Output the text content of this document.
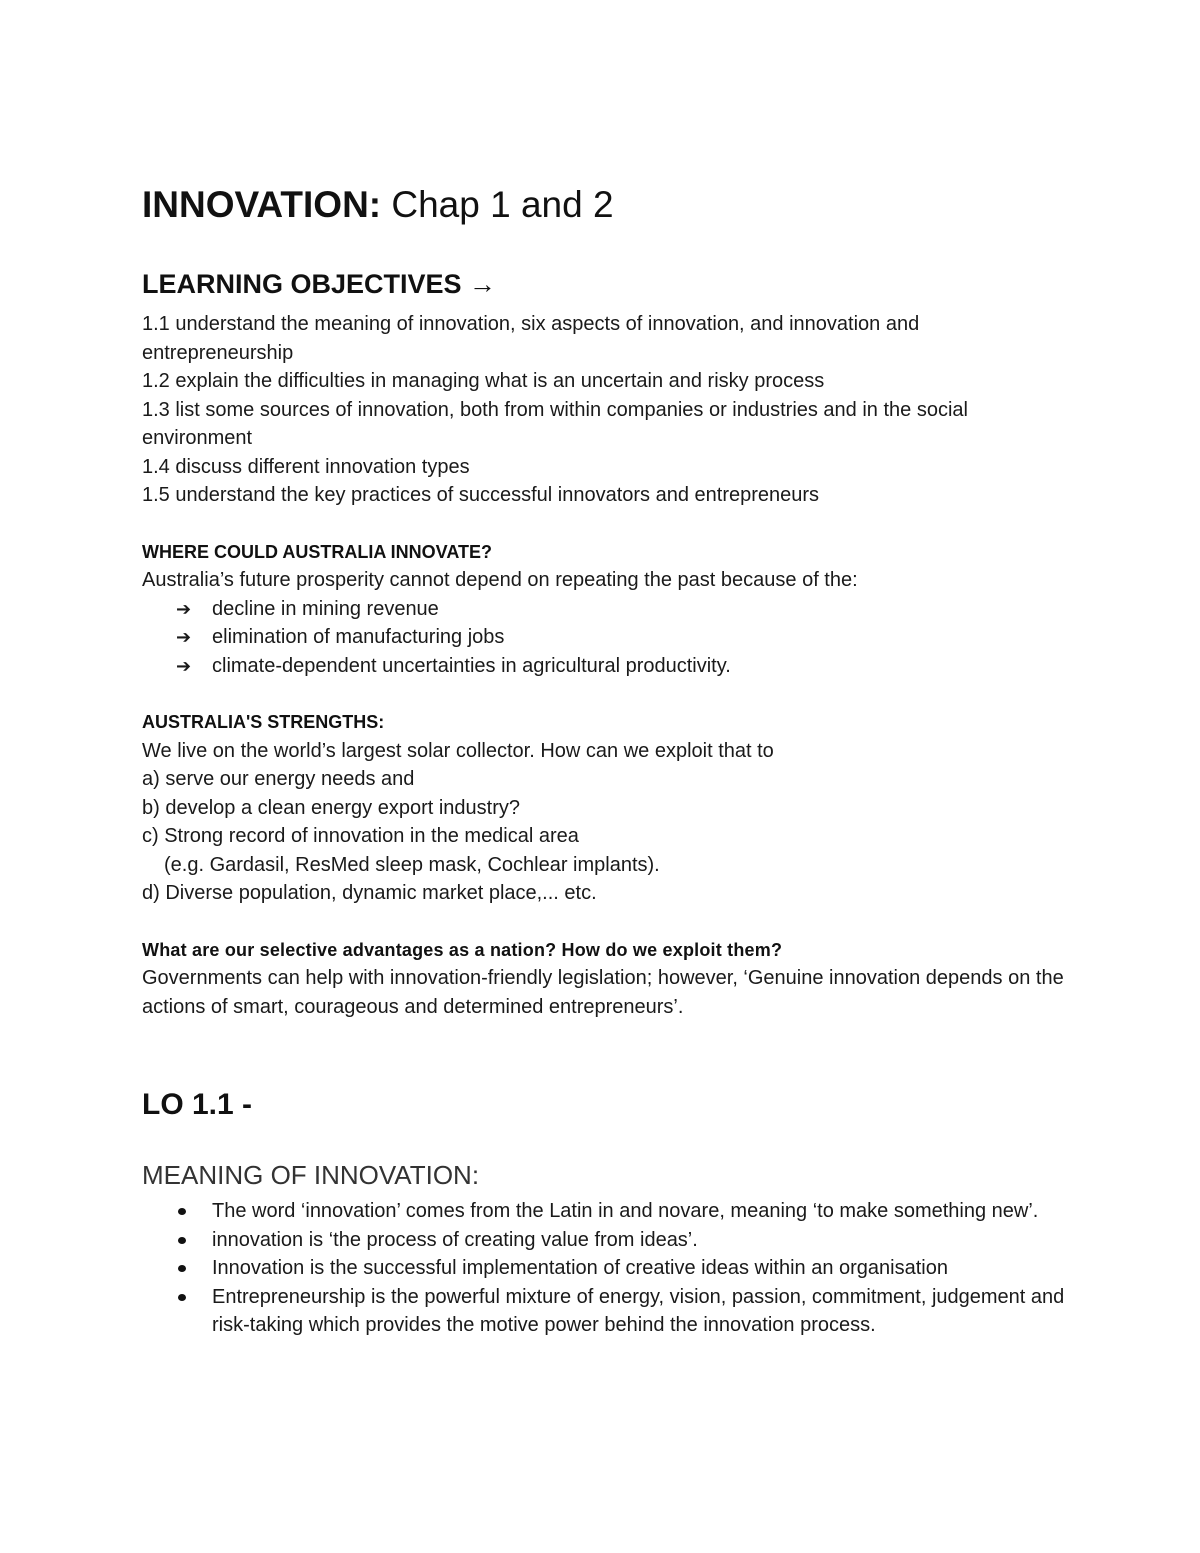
INNOVATION: Chap 1 and 2
LEARNING OBJECTIVES →

1.1 understand the meaning of innovation, six aspects of innovation, and innovation and entrepreneurship

1.2 explain the difficulties in managing what is an uncertain and risky process

1.3 list some sources of innovation, both from within companies or industries and in the social environment

1.4 discuss different innovation types

1.5 understand the key practices of successful innovators and entrepreneurs

WHERE COULD AUSTRALIA INNOVATE?

Australia’s future prosperity cannot depend on repeating the past because of the:

➔ decline in mining revenue
➔ elimination of manufacturing jobs
➔ climate-dependent uncertainties in agricultural productivity.
AUSTRALIA'S STRENGTHS:

We live on the world’s largest solar collector. How can we exploit that to

a) serve our energy needs and

b) develop a clean energy export industry?

c) Strong record of innovation in the medical area

(e.g. Gardasil, ResMed sleep mask, Cochlear implants).

d) Diverse population, dynamic market place,... etc.

What are our selective advantages as a nation? How do we exploit them?

Governments can help with innovation-friendly legislation; however, ‘Genuine innovation depends on the actions of smart, courageous and determined entrepreneurs’.

LO 1.1 -
MEANING OF INNOVATION:
The word ‘innovation’ comes from the Latin in and novare, meaning ‘to make something new’.
innovation is ‘the process of creating value from ideas’.
Innovation is the successful implementation of creative ideas within an organisation
Entrepreneurship is the powerful mixture of energy, vision, passion, commitment, judgement and risk-taking which provides the motive power behind the innovation process.
